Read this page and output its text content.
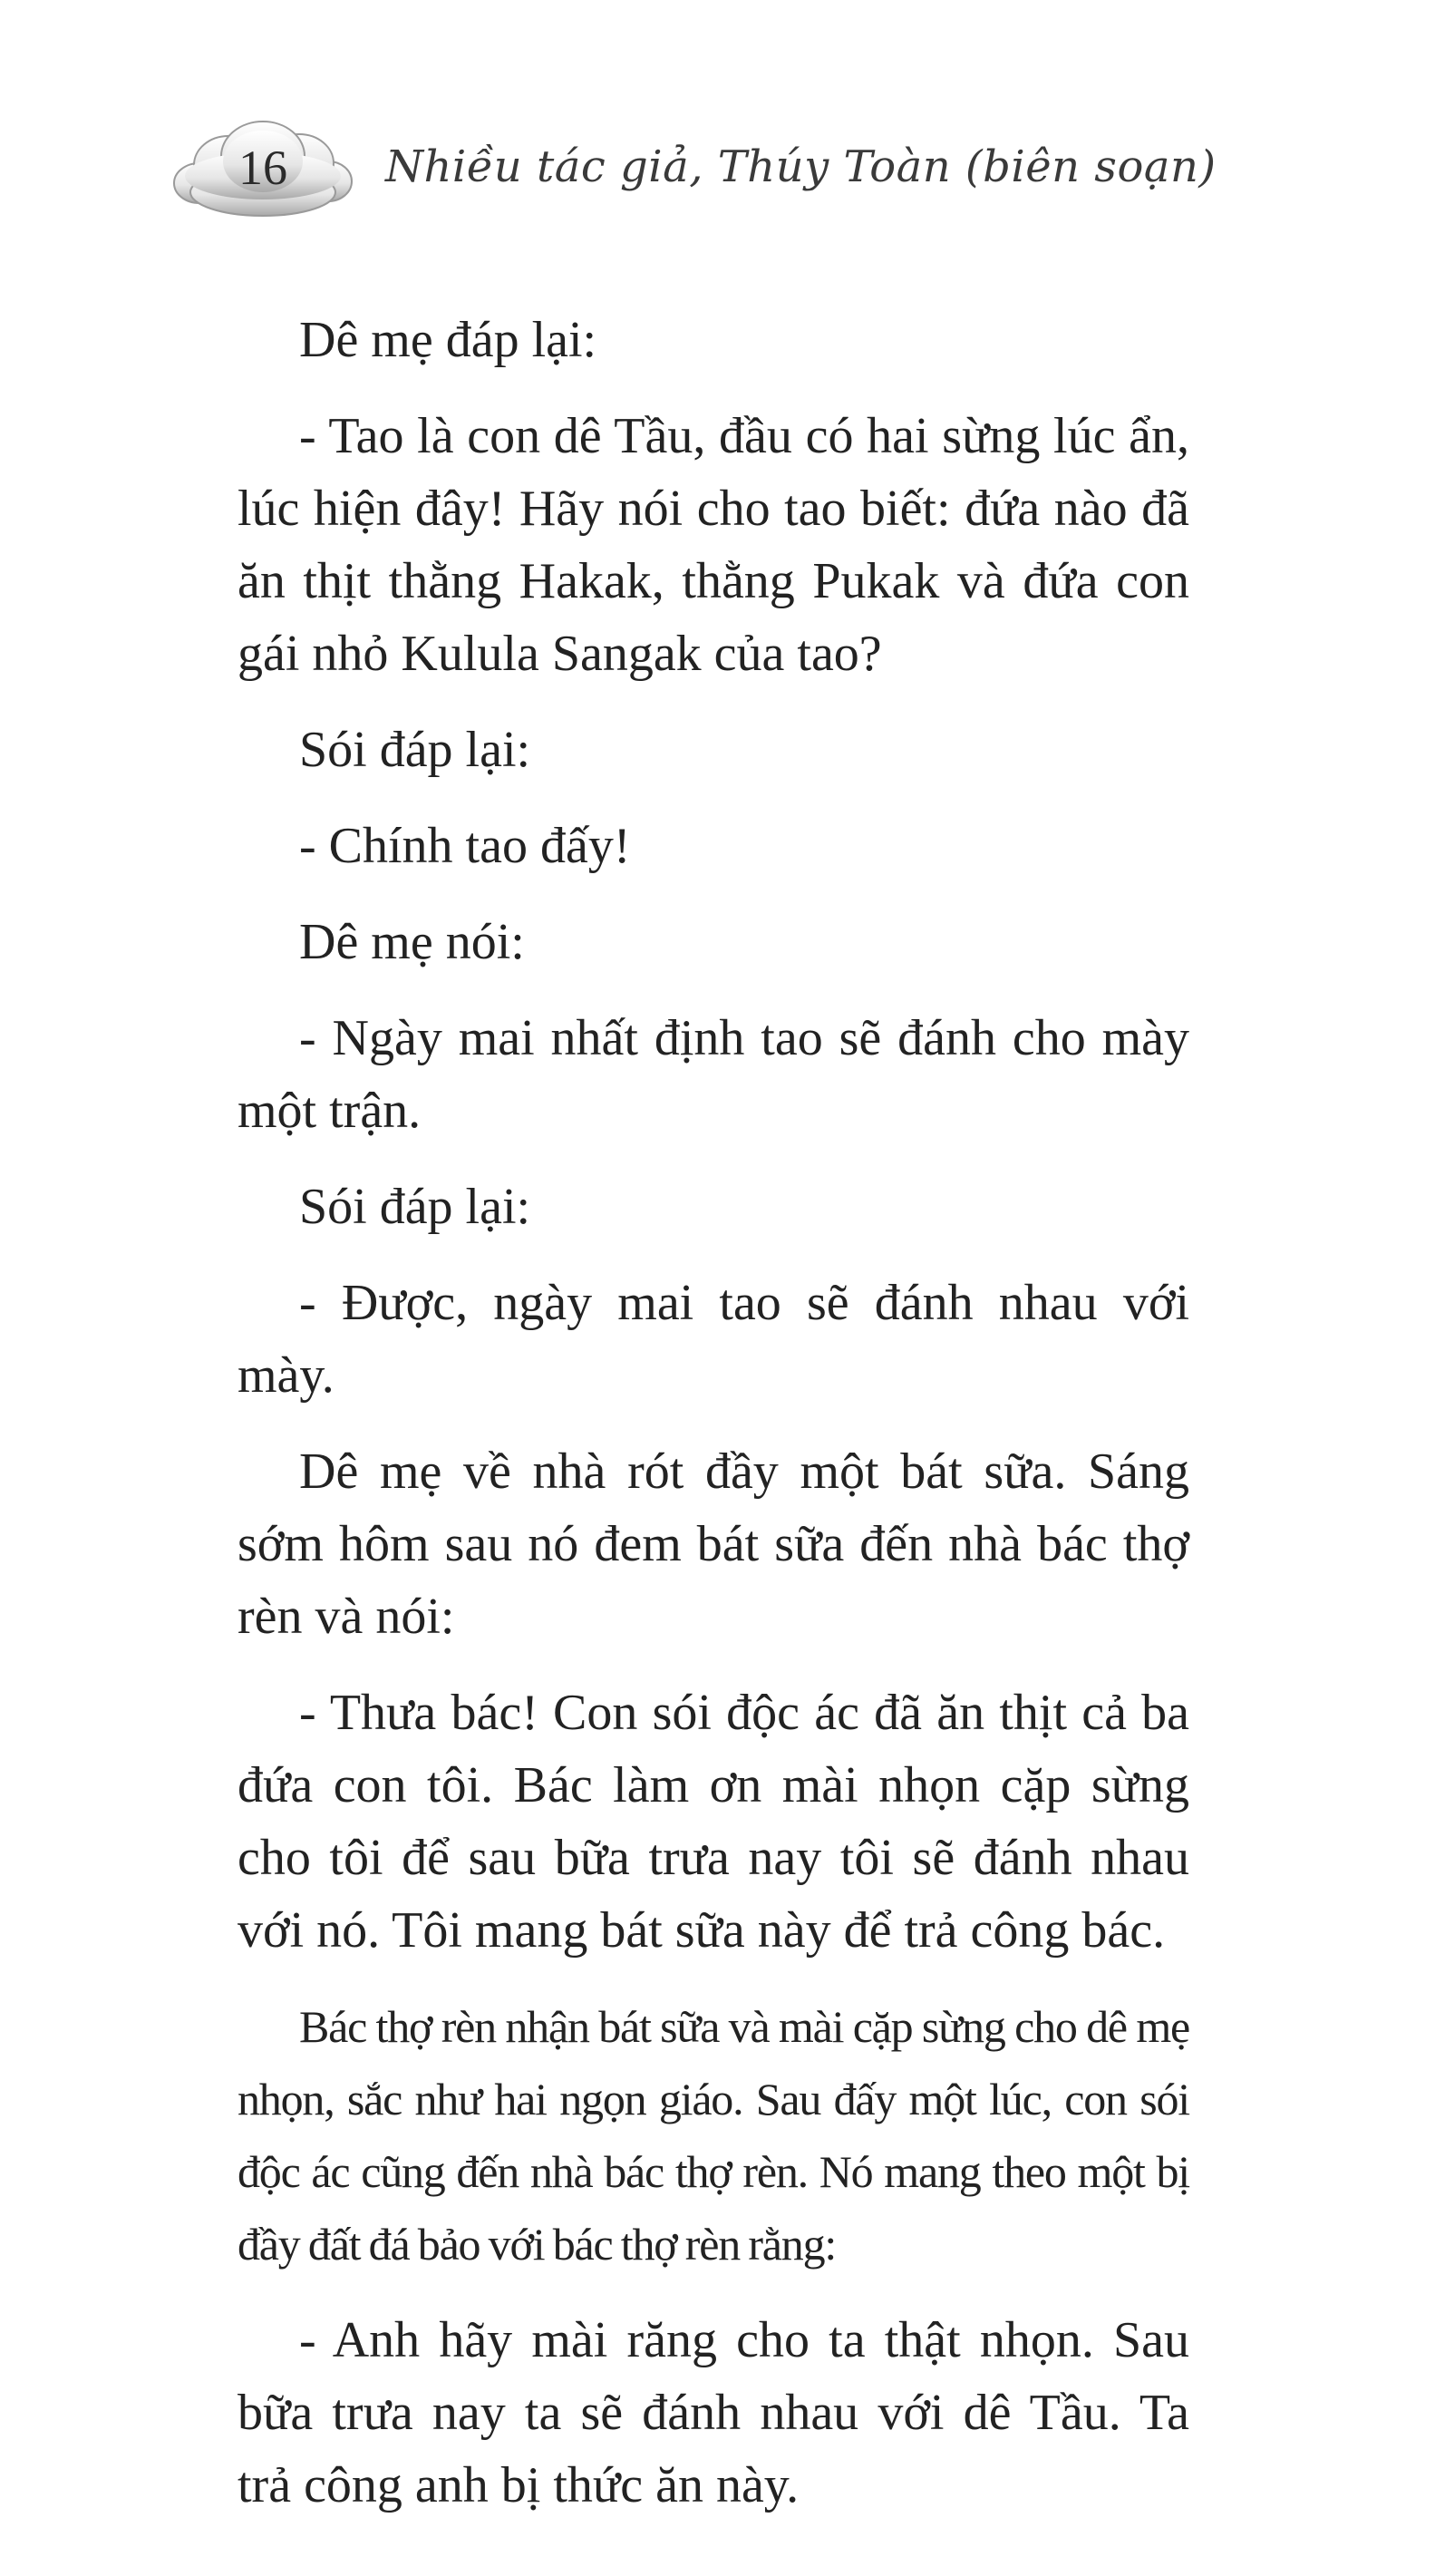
16	Nhiều tác giả, Thúy Toàn (biên soạn)

Dê mẹ đáp lại:

- Tao là con dê Tầu, đầu có hai sừng lúc ẩn, lúc hiện đây! Hãy nói cho tao biết: đứa nào đã ăn thịt thằng Hakak, thằng Pukak và đứa con gái nhỏ Kulula Sangak của tao?

Sói đáp lại:

- Chính tao đấy!

Dê mẹ nói:

- Ngày mai nhất định tao sẽ đánh cho mày một trận.

Sói đáp lại:

- Được, ngày mai tao sẽ đánh nhau với mày.

Dê mẹ về nhà rót đầy một bát sữa. Sáng sớm hôm sau nó đem bát sữa đến nhà bác thợ rèn và nói:

- Thưa bác! Con sói độc ác đã ăn thịt cả ba đứa con tôi. Bác làm ơn mài nhọn cặp sừng cho tôi để sau bữa trưa nay tôi sẽ đánh nhau với nó. Tôi mang bát sữa này để trả công bác.

Bác thợ rèn nhận bát sữa và mài cặp sừng cho dê mẹ nhọn, sắc như hai ngọn giáo. Sau đấy một lúc, con sói độc ác cũng đến nhà bác thợ rèn. Nó mang theo một bị đầy đất đá bảo với bác thợ rèn rằng:

- Anh hãy mài răng cho ta thật nhọn. Sau bữa trưa nay ta sẽ đánh nhau với dê Tầu. Ta trả công anh bị thức ăn này.
